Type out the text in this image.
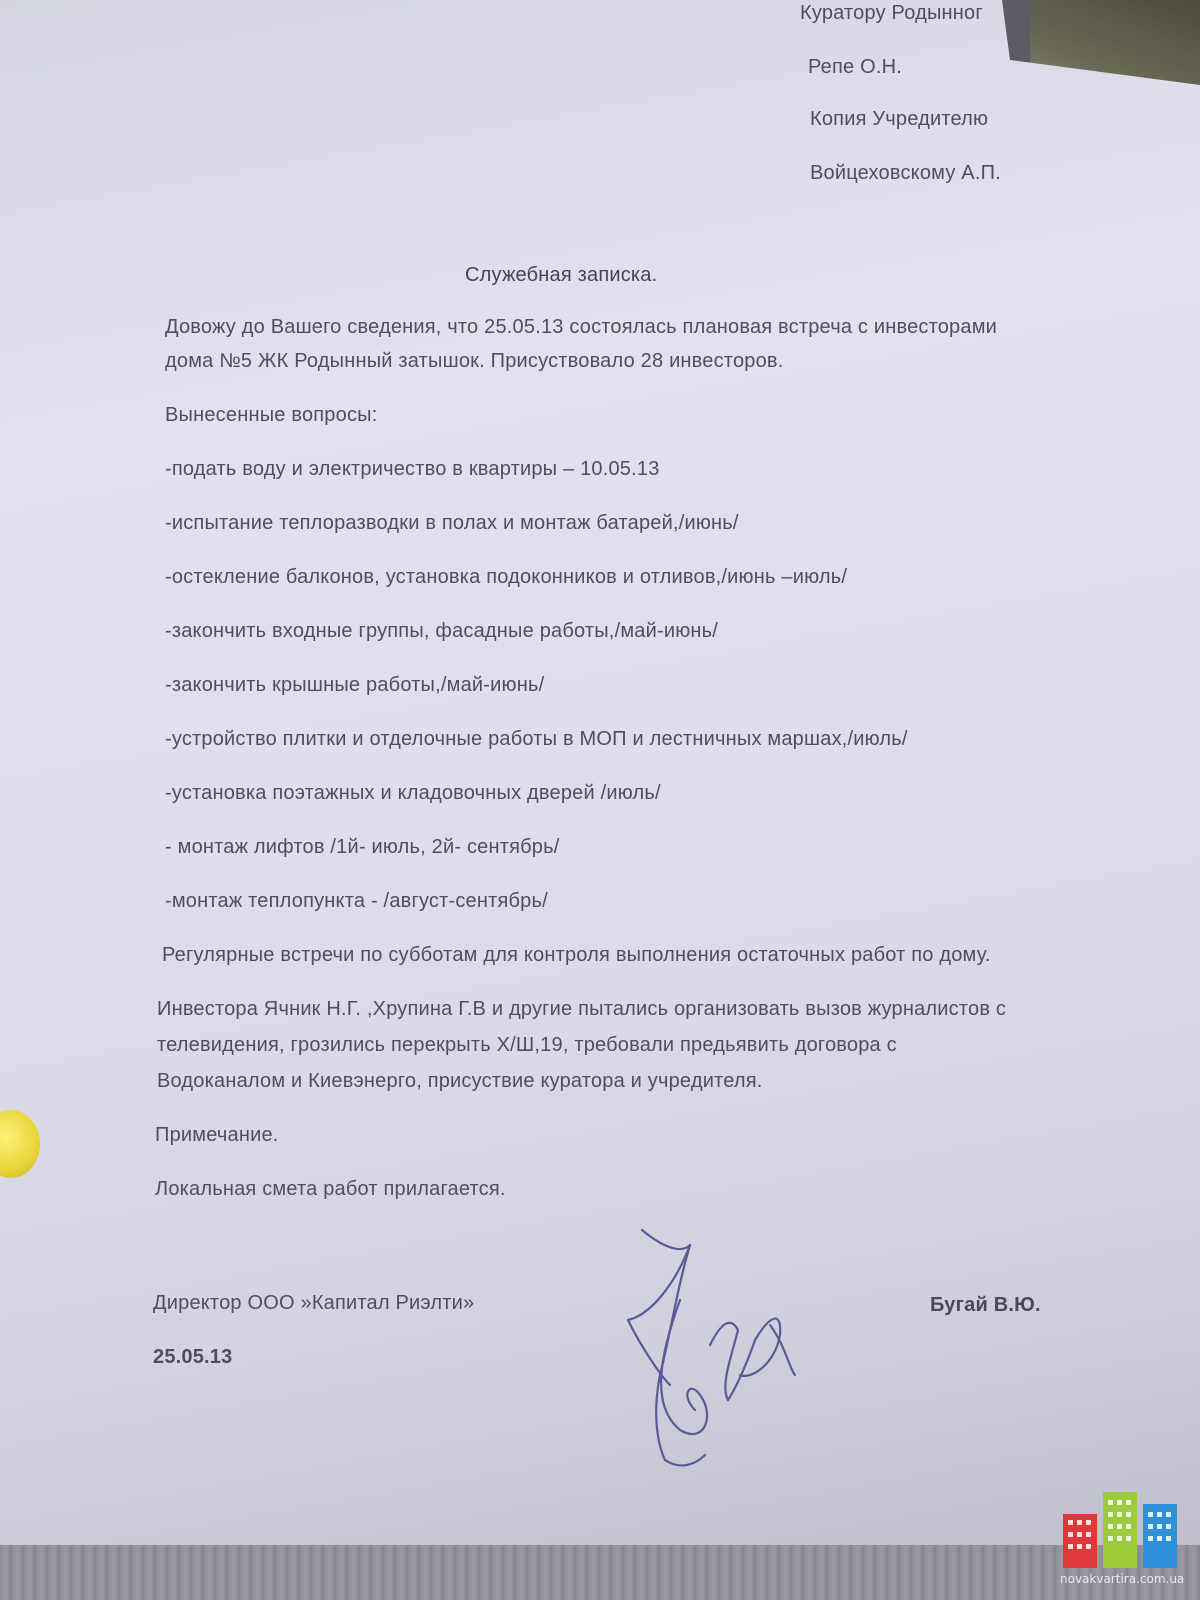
Куратору Родынног
Репе О.Н.
Копия Учредителю
Войцеховскому А.П.
Служебная записка.
Довожу до Вашего сведения, что 25.05.13 состоялась плановая встреча с инвесторами
дома №5 ЖК Родынный затышок. Присуствовало 28 инвесторов.
Вынесенные вопросы:
-подать воду и электричество в квартиры – 10.05.13
-испытание теплоразводки в полах и монтаж батарей,/июнь/
-остекление балконов, установка подоконников и отливов,/июнь –июль/
-закончить входные группы, фасадные работы,/май-июнь/
-закончить крышные работы,/май-июнь/
-устройство плитки и отделочные работы в МОП и лестничных маршах,/июль/
-установка поэтажных и кладовочных дверей /июль/
- монтаж лифтов /1й- июль, 2й- сентябрь/
-монтаж теплопункта - /август-сентябрь/
Регулярные встречи по субботам для контроля выполнения остаточных работ по дому.
Инвестора Ячник Н.Г. ,Хрупина Г.В и другие пытались организовать вызов журналистов с
телевидения, грозились перекрыть Х/Ш,19, требовали предьявить договора с
Водоканалом и Киевэнерго, присуствие куратора и учредителя.
Примечание.
Локальная смета работ прилагается.
Директор ООО »Капитал Риэлти»
25.05.13
Бугай В.Ю.
novakvartira.com.ua
